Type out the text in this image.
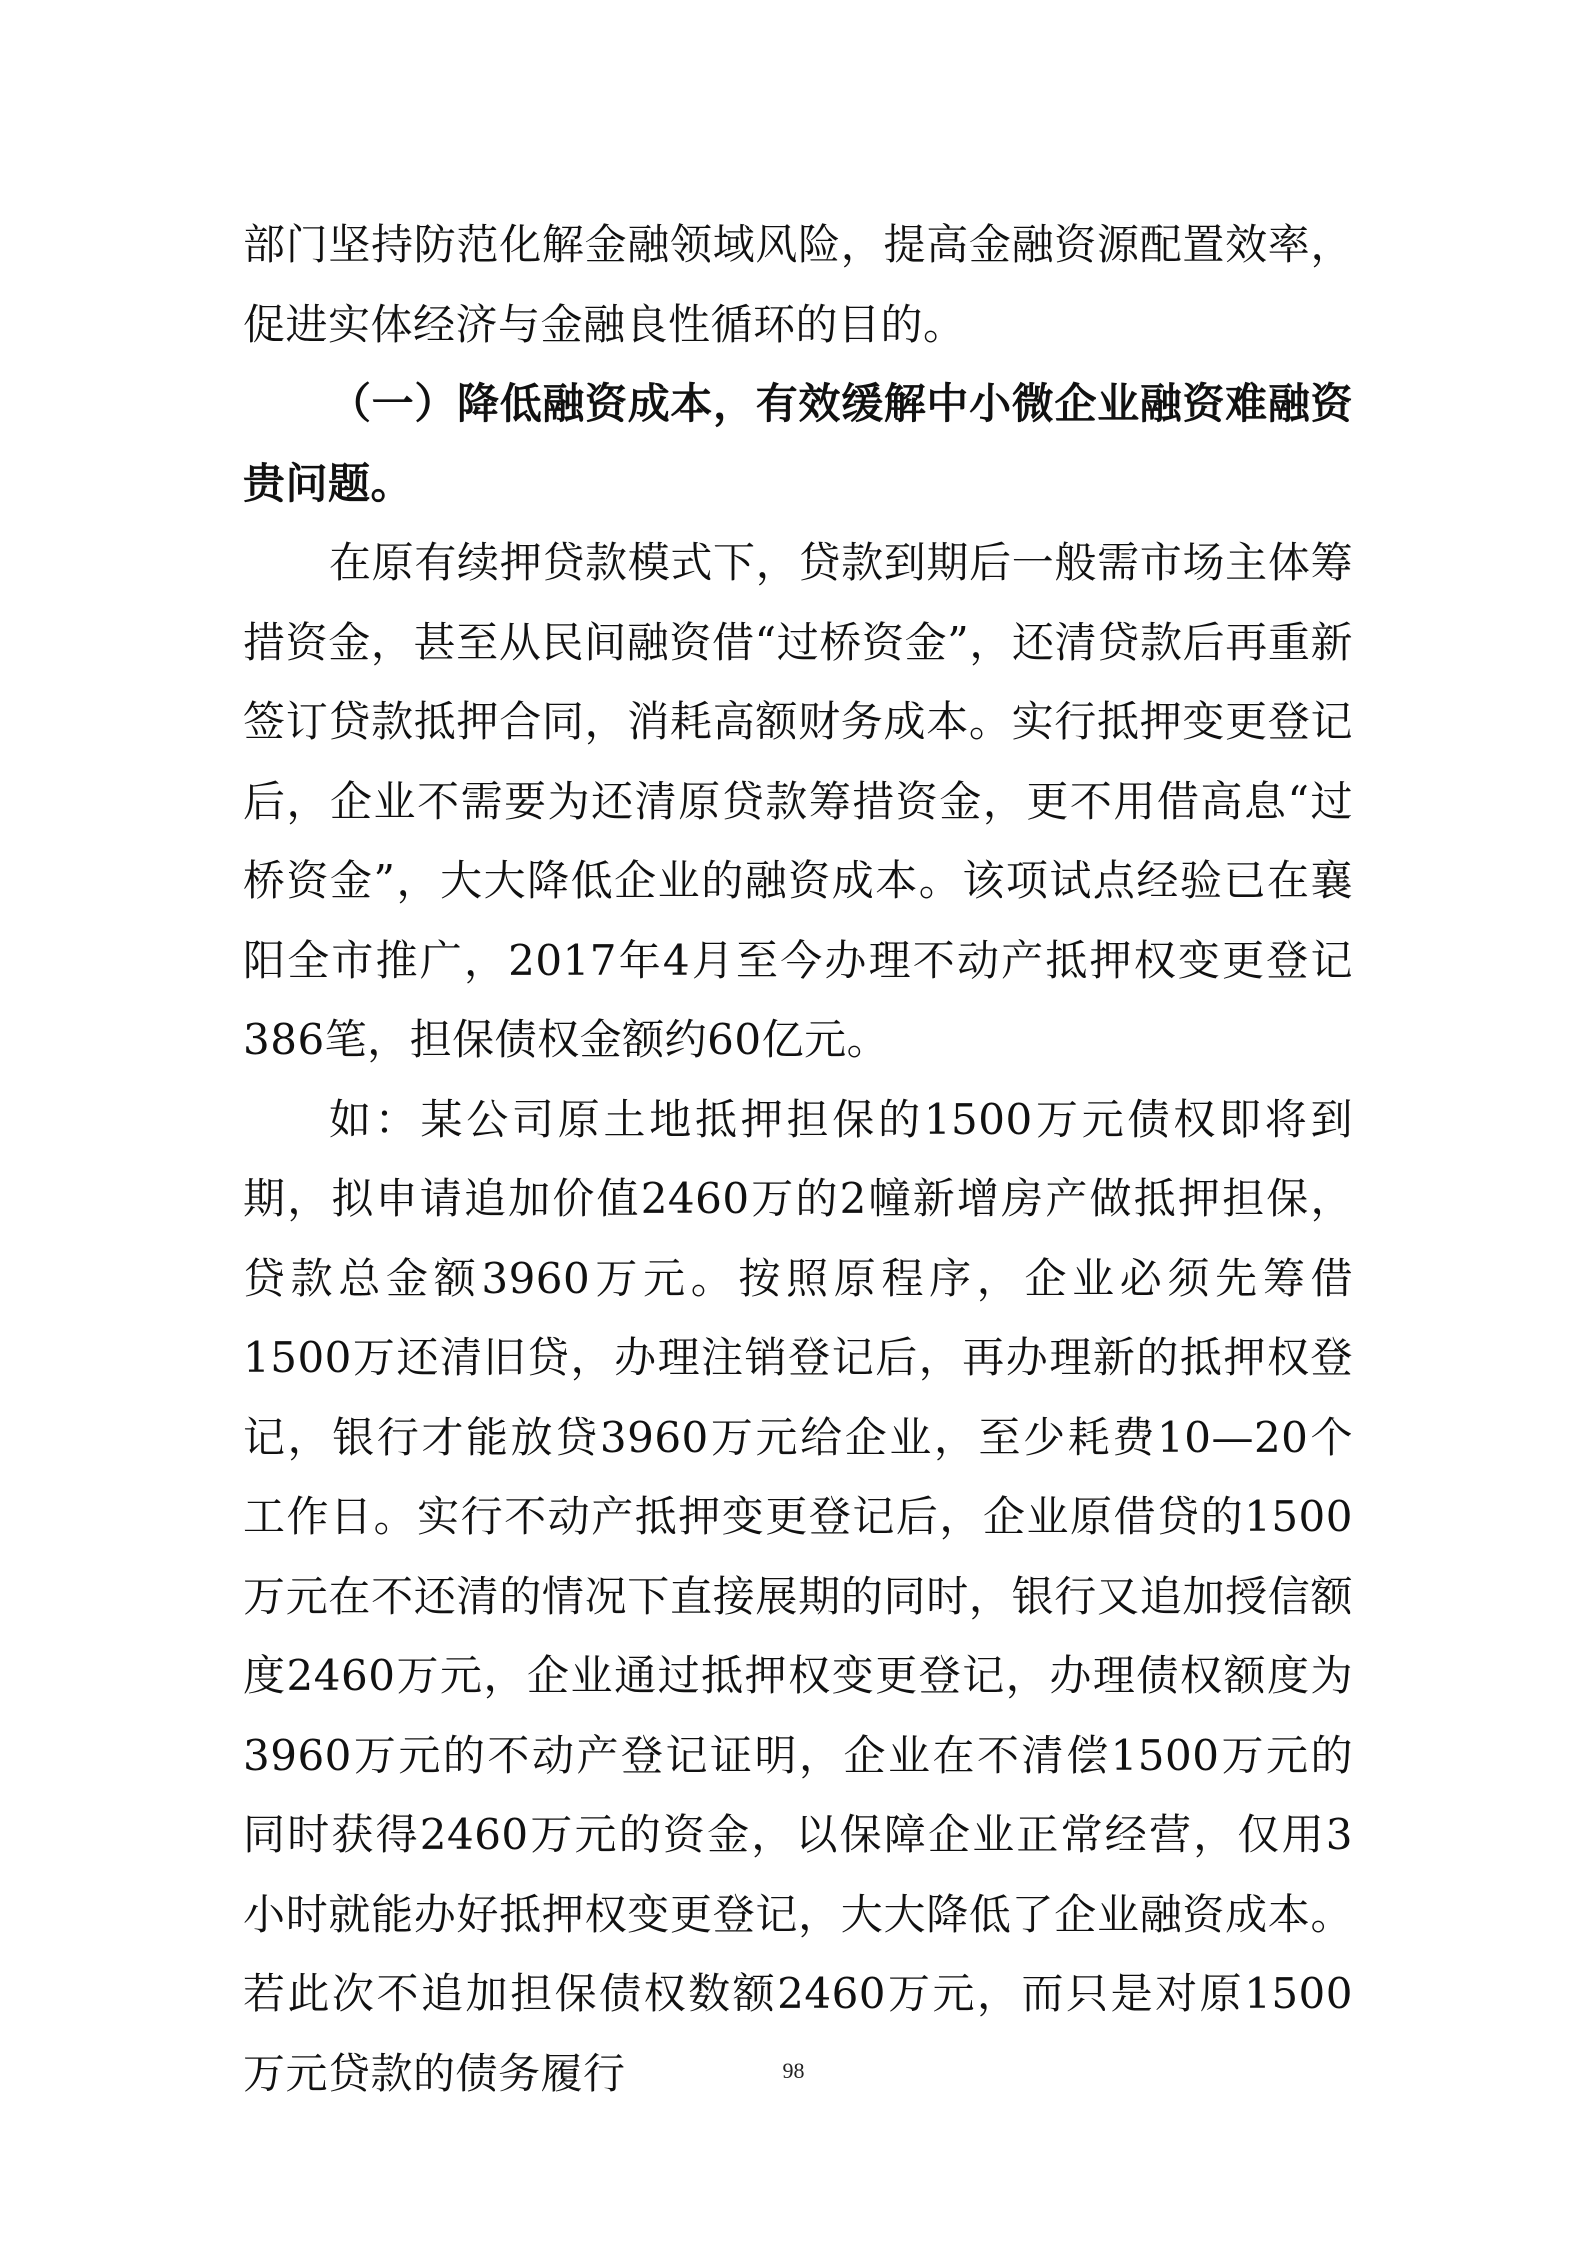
部门坚持防范化解金融领域风险，提高金融资源配置效率，促进实体经济与金融良性循环的目的。

（一）降低融资成本，有效缓解中小微企业融资难融资贵问题。

在原有续押贷款模式下，贷款到期后一般需市场主体筹措资金，甚至从民间融资借“过桥资金”，还清贷款后再重新签订贷款抵押合同，消耗高额财务成本。实行抵押变更登记后，企业不需要为还清原贷款筹措资金，更不用借高息“过桥资金”，大大降低企业的融资成本。该项试点经验已在襄阳全市推广，2017年4月至今办理不动产抵押权变更登记386笔，担保债权金额约60亿元。

如：某公司原土地抵押担保的1500万元债权即将到期，拟申请追加价值2460万的2幢新增房产做抵押担保，贷款总金额3960万元。按照原程序，企业必须先筹借1500万还清旧贷，办理注销登记后，再办理新的抵押权登记，银行才能放贷3960万元给企业，至少耗费10—20个工作日。实行不动产抵押变更登记后，企业原借贷的1500万元在不还清的情况下直接展期的同时，银行又追加授信额度2460万元，企业通过抵押权变更登记，办理债权额度为3960万元的不动产登记证明，企业在不清偿1500万元的同时获得2460万元的资金，以保障企业正常经营，仅用3小时就能办好抵押权变更登记，大大降低了企业融资成本。若此次不追加担保债权数额2460万元，而只是对原1500万元贷款的债务履行	98
